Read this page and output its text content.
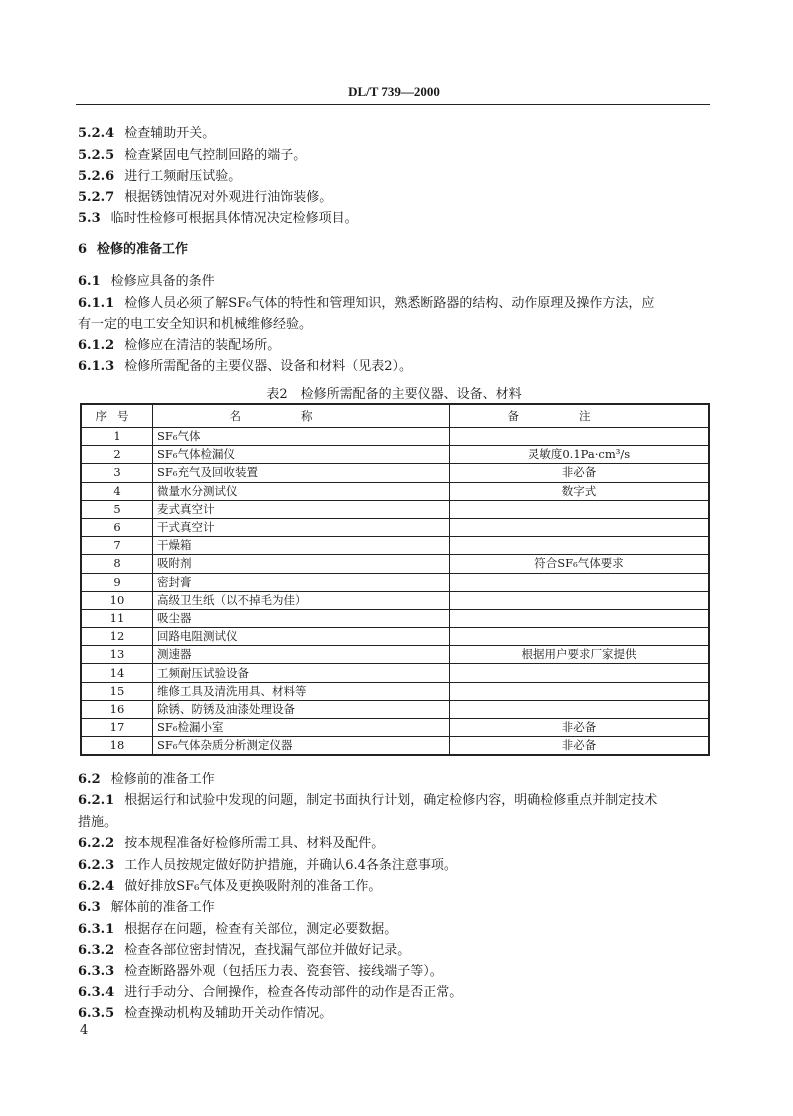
DL/T 739—2000
5.2.4 检查辅助开关。
5.2.5 检查紧固电气控制回路的端子。
5.2.6 进行工频耐压试验。
5.2.7 根据锈蚀情况对外观进行油饰装修。
5.3 临时性检修可根据具体情况决定检修项目。
6 检修的准备工作
6.1 检修应具备的条件
6.1.1 检修人员必须了解SF₆气体的特性和管理知识，熟悉断路器的结构、动作原理及操作方法，应
有一定的电工安全知识和机械维修经验。
6.1.2 检修应在清洁的装配场所。
6.1.3 检修所需配备的主要仪器、设备和材料（见表2）。
表2　检修所需配备的主要仪器、设备、材料
序号	名称	备注
1	SF₆气体	
2	SF₆气体检漏仪	灵敏度0.1Pa·cm³/s
3	SF₆充气及回收装置	非必备
4	微量水分测试仪	数字式
5	麦式真空计	
6	干式真空计	
7	干燥箱	
8	吸附剂	符合SF₆气体要求
9	密封膏	
10	高级卫生纸（以不掉毛为佳）	
11	吸尘器	
12	回路电阻测试仪	
13	测速器	根据用户要求厂家提供
14	工频耐压试验设备	
15	维修工具及清洗用具、材料等	
16	除锈、防锈及油漆处理设备	
17	SF₆检漏小室	非必备
18	SF₆气体杂质分析测定仪器	非必备
6.2 检修前的准备工作
6.2.1 根据运行和试验中发现的问题，制定书面执行计划，确定检修内容，明确检修重点并制定技术
措施。
6.2.2 按本规程准备好检修所需工具、材料及配件。
6.2.3 工作人员按规定做好防护措施，并确认6.4各条注意事项。
6.2.4 做好排放SF₆气体及更换吸附剂的准备工作。
6.3 解体前的准备工作
6.3.1 根据存在问题，检查有关部位，测定必要数据。
6.3.2 检查各部位密封情况，查找漏气部位并做好记录。
6.3.3 检查断路器外观（包括压力表、瓷套管、接线端子等）。
6.3.4 进行手动分、合闸操作，检查各传动部件的动作是否正常。
6.3.5 检查操动机构及辅助开关动作情况。
4
